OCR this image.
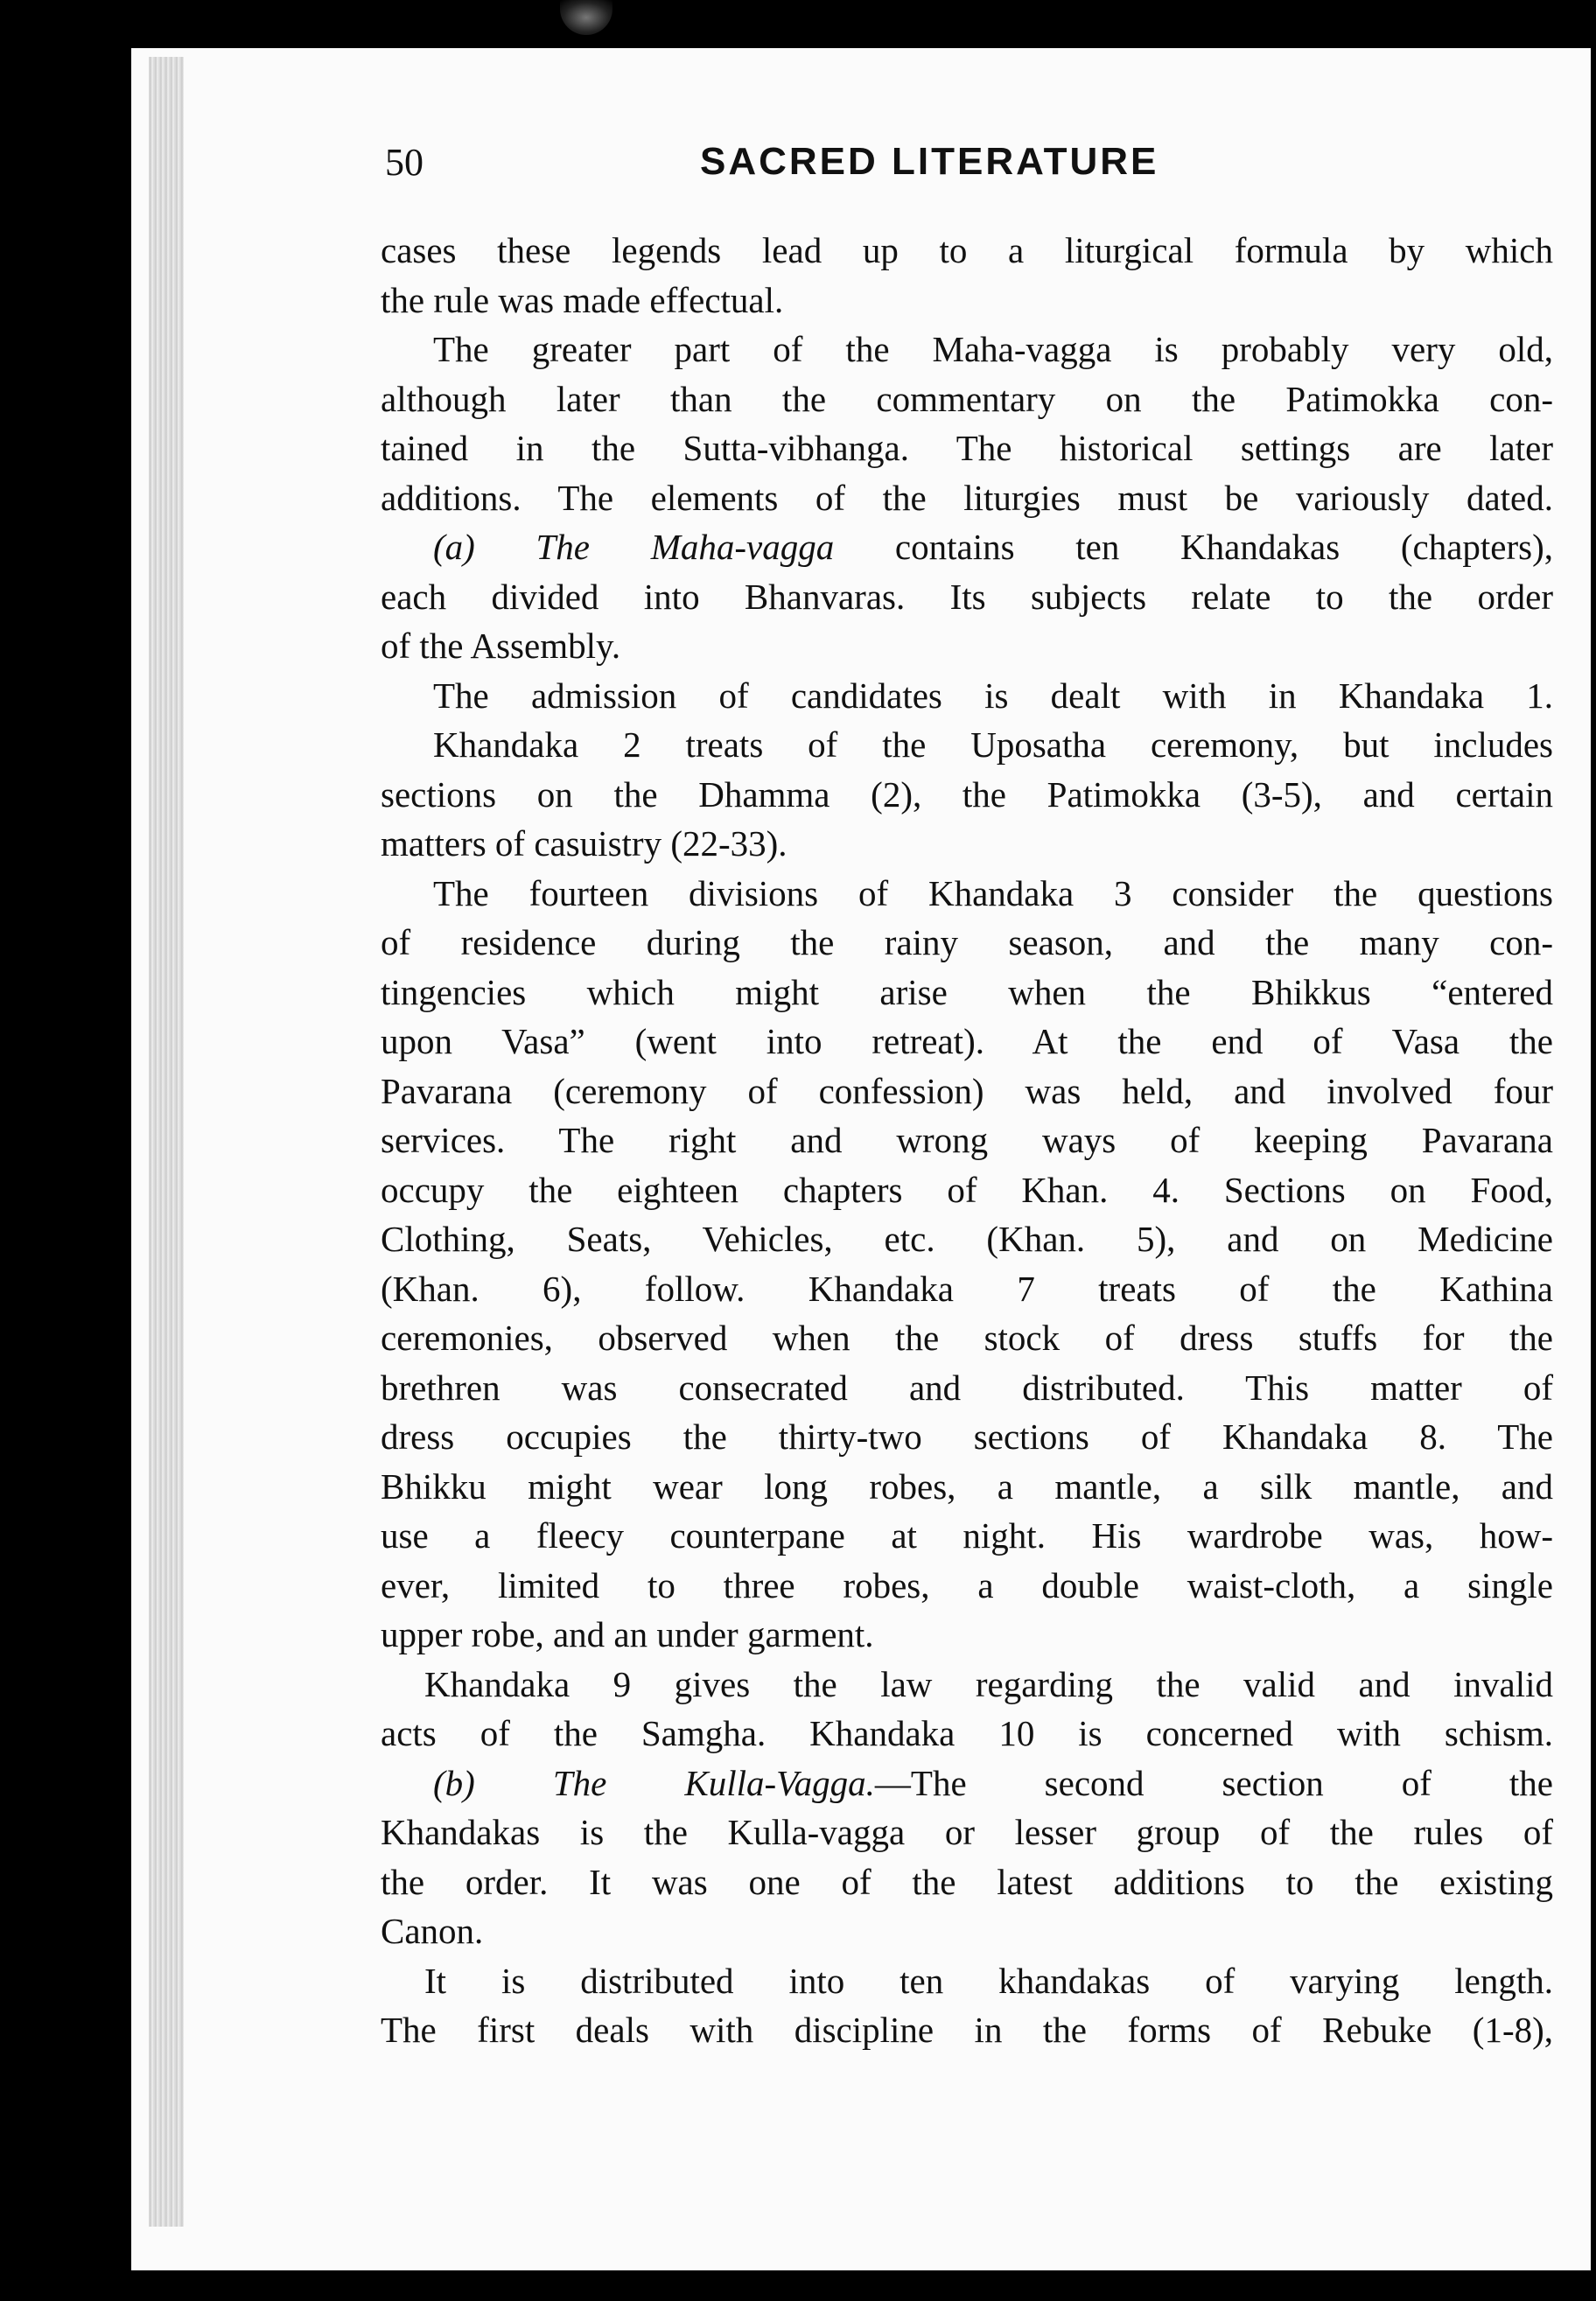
50	SACRED LITERATURE
cases these legends lead up to a liturgical formula by which
the rule was made effectual.
The greater part of the Maha-vagga is probably very old,
although later than the commentary on the Patimokka con-
tained in the Sutta-vibhanga. The historical settings are later
additions. The elements of the liturgies must be variously dated.
(a) The Maha-vagga contains ten Khandakas (chapters),
each divided into Bhanvaras. Its subjects relate to the order
of the Assembly.
The admission of candidates is dealt with in Khandaka 1.
Khandaka 2 treats of the Uposatha ceremony, but includes
sections on the Dhamma (2), the Patimokka (3-5), and certain
matters of casuistry (22-33).
The fourteen divisions of Khandaka 3 consider the questions
of residence during the rainy season, and the many con-
tingencies which might arise when the Bhikkus “entered
upon Vasa” (went into retreat). At the end of Vasa the
Pavarana (ceremony of confession) was held, and involved four
services. The right and wrong ways of keeping Pavarana
occupy the eighteen chapters of Khan. 4. Sections on Food,
Clothing, Seats, Vehicles, etc. (Khan. 5), and on Medicine
(Khan. 6), follow. Khandaka 7 treats of the Kathina
ceremonies, observed when the stock of dress stuffs for the
brethren was consecrated and distributed. This matter of
dress occupies the thirty-two sections of Khandaka 8. The
Bhikku might wear long robes, a mantle, a silk mantle, and
use a fleecy counterpane at night. His wardrobe was, how-
ever, limited to three robes, a double waist-cloth, a single
upper robe, and an under garment.
Khandaka 9 gives the law regarding the valid and invalid
acts of the Samgha. Khandaka 10 is concerned with schism.
(b) The Kulla-Vagga.—The second section of the
Khandakas is the Kulla-vagga or lesser group of the rules of
the order. It was one of the latest additions to the existing
Canon.
It is distributed into ten khandakas of varying length.
The first deals with discipline in the forms of Rebuke (1-8),
